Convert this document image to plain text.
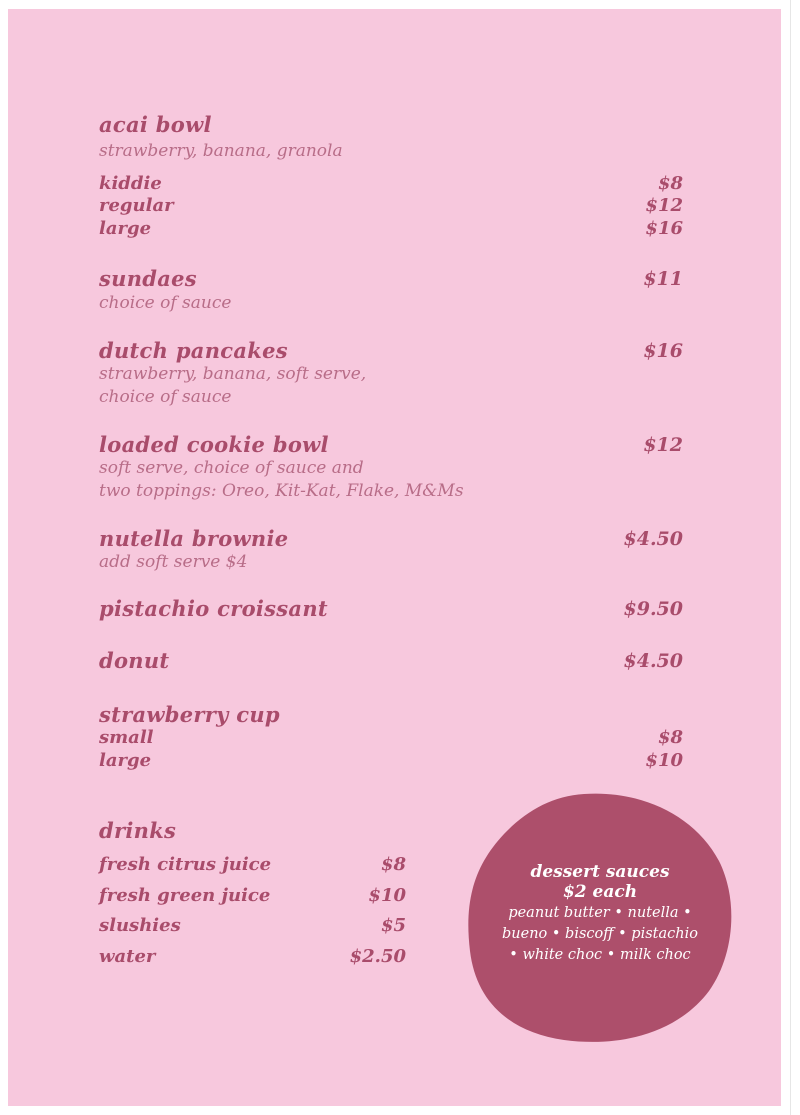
acai bowl
strawberry, banana, granola
kiddie	$8
regular	$12
large	$16
sundaes	$11
choice of sauce
dutch pancakes	$16
strawberry, banana, soft serve,
choice of sauce
loaded cookie bowl	$12
soft serve, choice of sauce and
two toppings: Oreo, Kit-Kat, Flake, M&Ms
nutella brownie	$4.50
add soft serve $4
pistachio croissant	$9.50
donut	$4.50
strawberry cup
small	$8
large	$10
drinks
fresh citrus juice	$8
fresh green juice	$10
slushies	$5
water	$2.50
dessert sauces
$2 each
peanut butter • nutella •
bueno • biscoff • pistachio
• white choc • milk choc
